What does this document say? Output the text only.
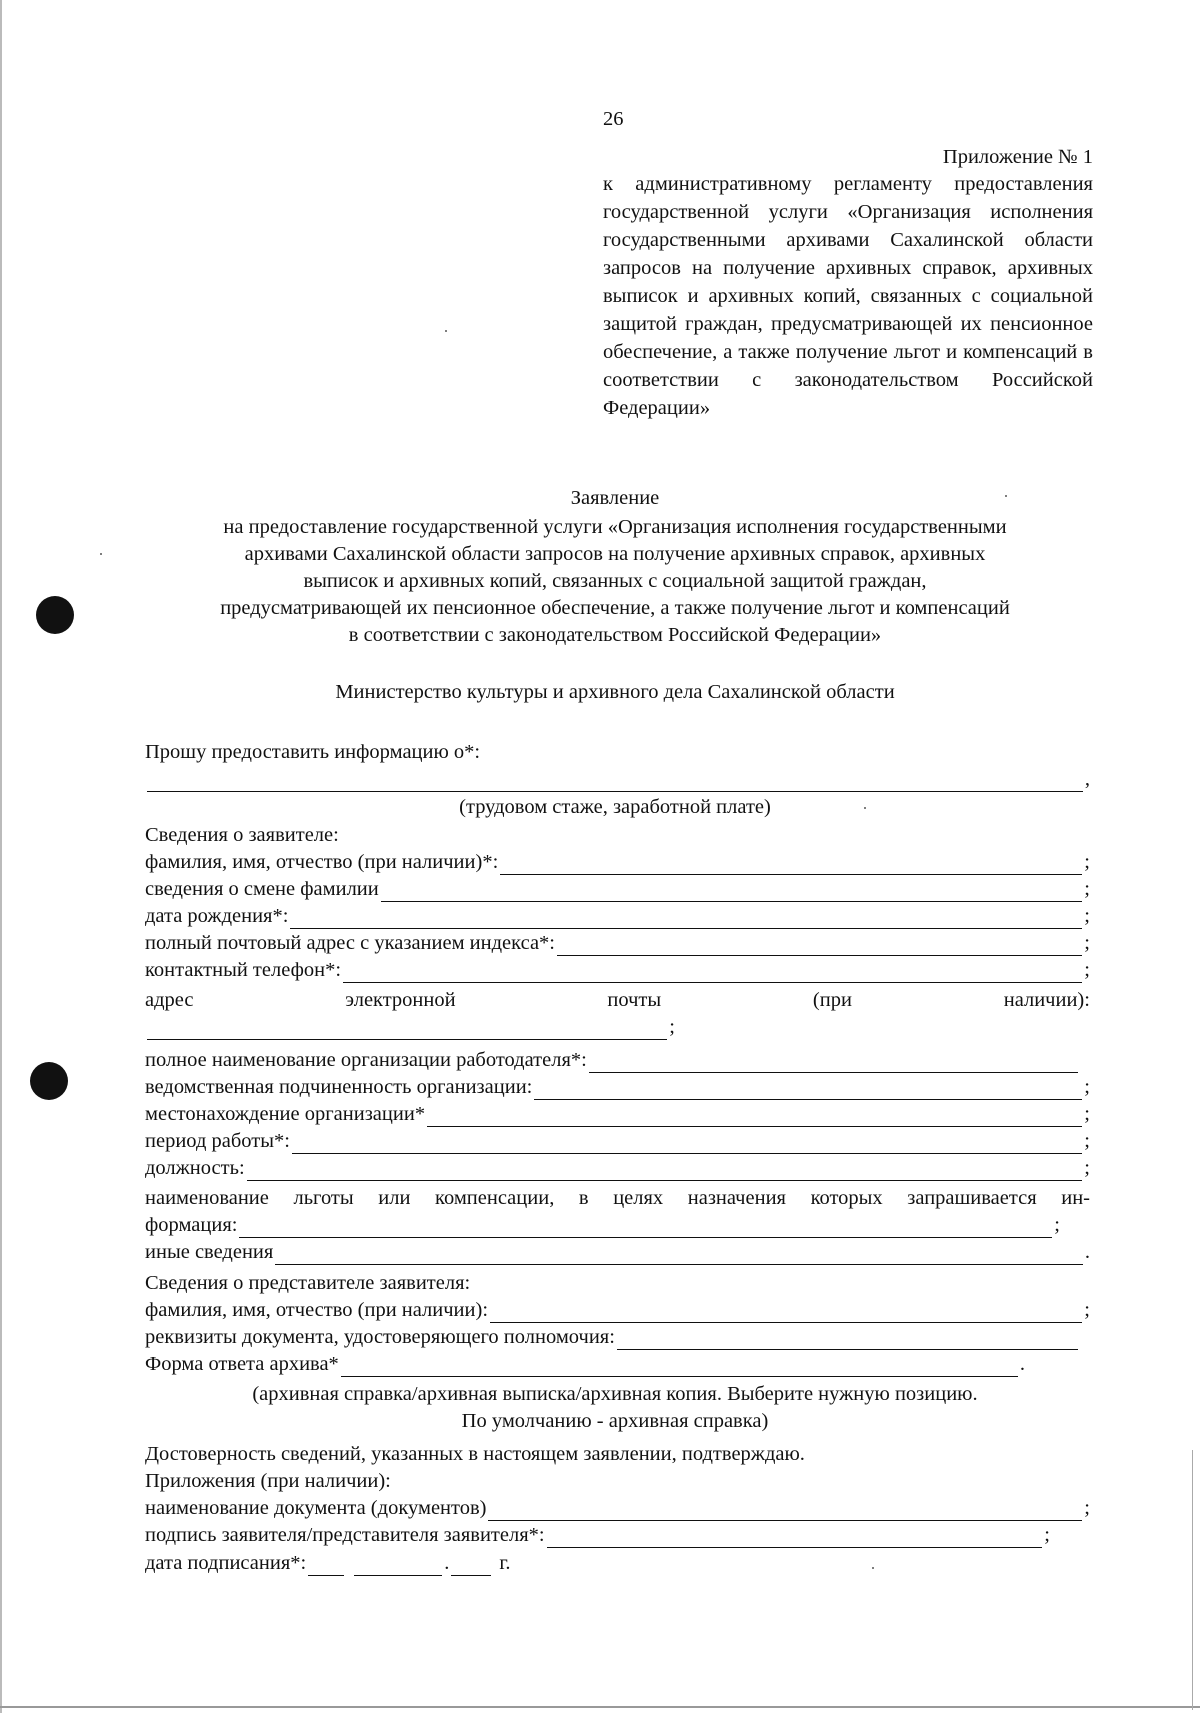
26
Приложение № 1
к административному регламенту предоставления государственной услуги «Организация исполнения государственными архивами Сахалинской области запросов на получение архивных справок, архивных выписок и архивных копий, связанных с социальной защитой граждан, предусматривающей их пенсионное обеспечение, а также получение льгот и компенсаций в соответствии с законодательством Российской Федерации»
Заявление
на предоставление государственной услуги «Организация исполнения государственными
архивами Сахалинской области запросов на получение архивных справок, архивных
выписок и архивных копий, связанных с социальной защитой граждан,
предусматривающей их пенсионное обеспечение, а также получение льгот и компенсаций
в соответствии с законодательством Российской Федерации»
Министерство культуры и архивного дела Сахалинской области
Прошу предоставить информацию о*:
,
(трудовом стаже, заработной плате)
Сведения о заявителе:
фамилия, имя, отчество (при наличии)*:	;
сведения о смене фамилии	;
дата рождения*:	;
полный почтовый адрес с указанием индекса*:	;
контактный телефон*:	;
адрес	электронной	почты	(при	наличии):
;
полное наименование организации работодателя*:
ведомственная подчиненность организации:	;
местонахождение организации*	;
период работы*:	;
должность:	;
наименование льготы или компенсации, в целях назначения которых запрашивается ин-
формация:	;
иные сведения	.
Сведения о представителе заявителя:
фамилия, имя, отчество (при наличии):	;
реквизиты документа, удостоверяющего полномочия:
Форма ответа архива*	.
(архивная справка/архивная выписка/архивная копия. Выберите нужную позицию.
По умолчанию - архивная справка)
Достоверность сведений, указанных в настоящем заявлении, подтверждаю.
Приложения (при наличии):
наименование документа (документов)	;
подпись заявителя/представителя заявителя*:	;
дата подписания*:	. г.
